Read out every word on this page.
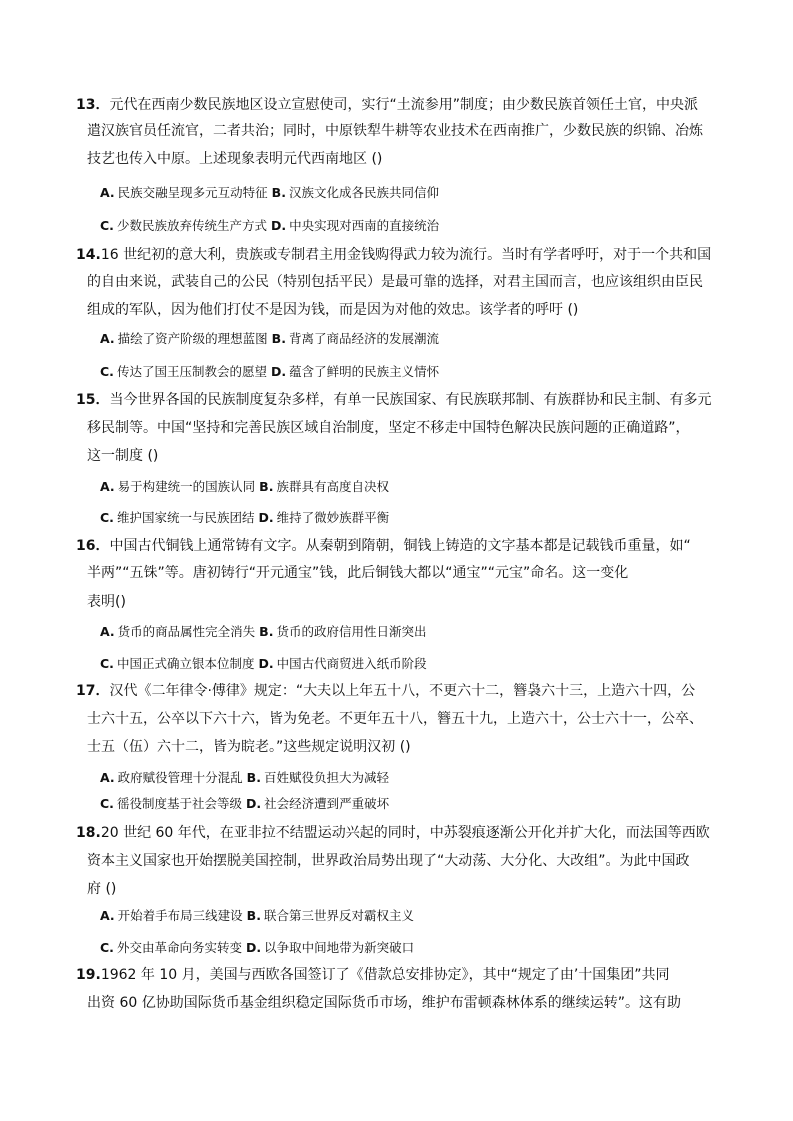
13．元代在西南少数民族地区设立宣慰使司，实行“土流参用”制度；由少数民族首领任土官，中央派
遣汉族官员任流官，二者共治；同时，中原铁犁牛耕等农业技术在西南推广，少数民族的织锦、冶炼
技艺也传入中原。上述现象表明元代西南地区 ()
A. 民族交融呈现多元互动特征 B. 汉族文化成各民族共同信仰
C. 少数民族放弃传统生产方式 D. 中央实现对西南的直接统治
14.16 世纪初的意大利，贵族或专制君主用金钱购得武力较为流行。当时有学者呼吁，对于一个共和国
的自由来说，武装自己的公民（特别包括平民）是最可靠的选择，对君主国而言，也应该组织由臣民
组成的军队，因为他们打仗不是因为钱，而是因为对他的效忠。该学者的呼吁 ()
A. 描绘了资产阶级的理想蓝图 B. 背离了商品经济的发展潮流
C. 传达了国王压制教会的愿望 D. 蕴含了鲜明的民族主义情怀
15．当今世界各国的民族制度复杂多样，有单一民族国家、有民族联邦制、有族群协和民主制、有多元
移民制等。中国“坚持和完善民族区域自治制度，坚定不移走中国特色解决民族问题的正确道路”，
这一制度 ()
A. 易于构建统一的国族认同 B. 族群具有高度自决权
C. 维护国家统一与民族团结 D. 维持了微妙族群平衡
16．中国古代铜钱上通常铸有文字。从秦朝到隋朝，铜钱上铸造的文字基本都是记载钱币重量，如“
半两”“五铢”等。唐初铸行“开元通宝”钱，此后铜钱大都以“通宝”“元宝”命名。这一变化
表明()
A. 货币的商品属性完全消失 B. 货币的政府信用性日渐突出
C. 中国正式确立银本位制度 D. 中国古代商贸进入纸币阶段
17．汉代《二年律令·傅律》规定：“大夫以上年五十八，不更六十二，簪袅六十三，上造六十四，公
士六十五，公卒以下六十六，皆为免老。不更年五十八，簪五十九，上造六十，公士六十一，公卒、
士五（伍）六十二，皆为睆老。”这些规定说明汉初 ()
A. 政府赋役管理十分混乱 B. 百姓赋役负担大为减轻
C. 徭役制度基于社会等级 D. 社会经济遭到严重破坏
18.20 世纪 60 年代，在亚非拉不结盟运动兴起的同时，中苏裂痕逐渐公开化并扩大化，而法国等西欧
资本主义国家也开始摆脱美国控制，世界政治局势出现了“大动荡、大分化、大改组”。为此中国政
府 ()
A. 开始着手布局三线建设 B. 联合第三世界反对霸权主义
C. 外交由革命向务实转变 D. 以争取中间地带为新突破口
19.1962 年 10 月，美国与西欧各国签订了《借款总安排协定》，其中“规定了由’十国集团”共同
出资 60 亿协助国际货币基金组织稳定国际货币市场，维护布雷顿森林体系的继续运转”。这有助
